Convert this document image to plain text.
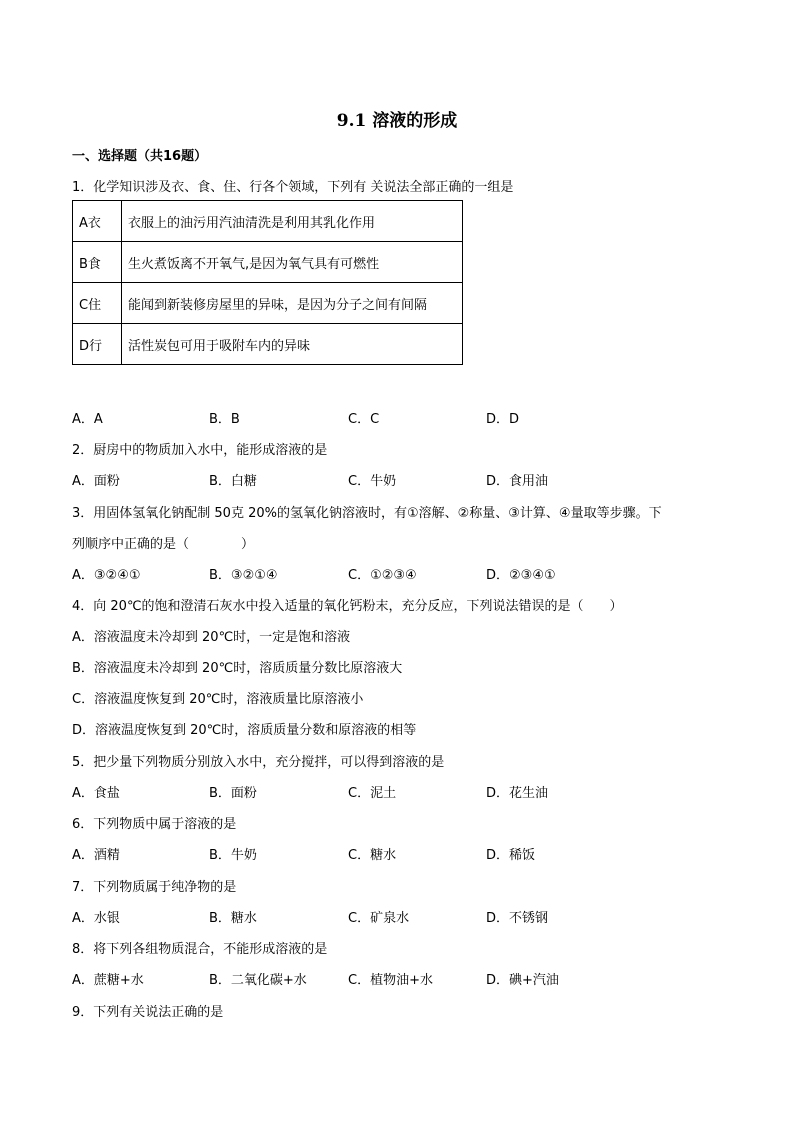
9.1 溶液的形成
一、选择题（共16题）
1．化学知识涉及衣、食、住、行各个领域，下列有 关说法全部正确的一组是
A衣	衣服上的油污用汽油清洗是利用其乳化作用
B食	生火煮饭离不开氧气,是因为氧气具有可燃性
C住	能闻到新装修房屋里的异味，是因为分子之间有间隔
D行	活性炭包可用于吸附车内的异味
A．A	B．B	C．C	D．D
2．厨房中的物质加入水中，能形成溶液的是
A．面粉	B．白糖	C．牛奶	D．食用油
3．用固体氢氧化钠配制 50克 20%的氢氧化钠溶液时，有①溶解、②称量、③计算、④量取等步骤。下
列顺序中正确的是（　　　　）
A．③②④①	B．③②①④	C．①②③④	D．②③④①
4．向 20℃的饱和澄清石灰水中投入适量的氧化钙粉末，充分反应，下列说法错误的是（　　）
A．溶液温度未冷却到 20℃时，一定是饱和溶液
B．溶液温度未冷却到 20℃时，溶质质量分数比原溶液大
C．溶液温度恢复到 20℃时，溶液质量比原溶液小
D．溶液温度恢复到 20℃时，溶质质量分数和原溶液的相等
5．把少量下列物质分别放入水中，充分搅拌，可以得到溶液的是
A．食盐	B．面粉	C．泥土	D．花生油
6．下列物质中属于溶液的是
A．酒精	B．牛奶	C．糖水	D．稀饭
7．下列物质属于纯净物的是
A．水银	B．糖水	C．矿泉水	D．不锈钢
8．将下列各组物质混合，不能形成溶液的是
A．蔗糖+水	B．二氧化碳+水	C．植物油+水	D．碘+汽油
9．下列有关说法正确的是
